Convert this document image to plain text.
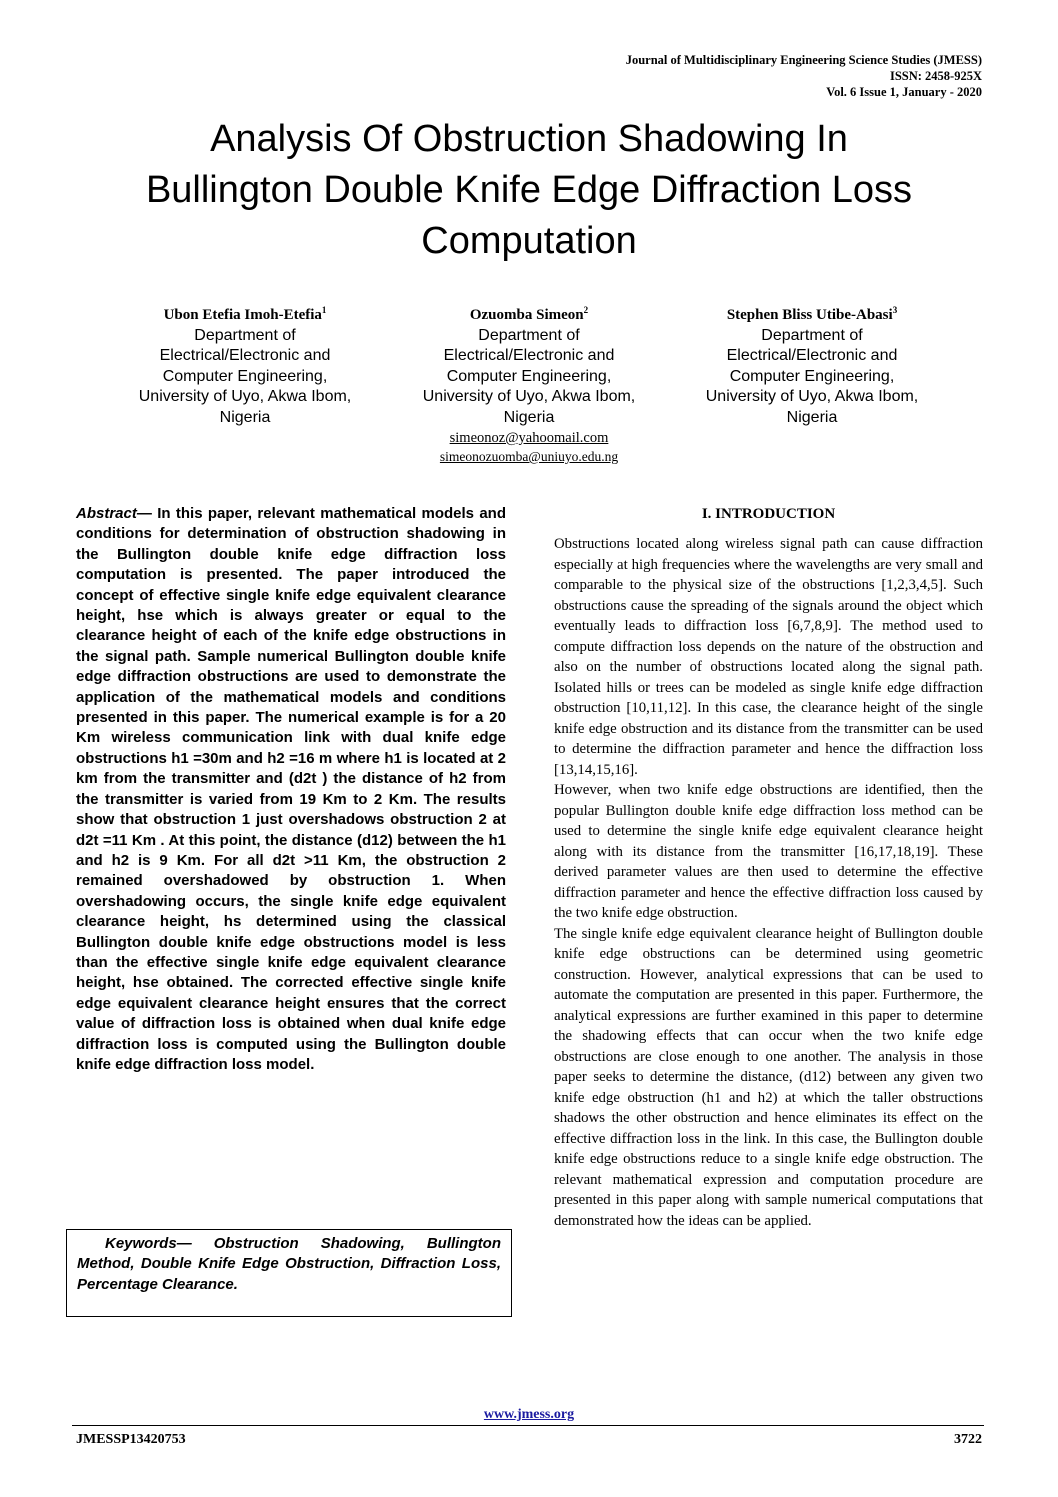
Journal of Multidisciplinary Engineering Science Studies (JMESS)
ISSN: 2458-925X
Vol. 6 Issue 1, January - 2020
Analysis Of Obstruction Shadowing In
Bullington Double Knife Edge Diffraction Loss
Computation
Ubon Etefia Imoh-Etefia$^1$
Department of
Electrical/Electronic and
Computer Engineering,
University of Uyo, Akwa Ibom,
Nigeria
Ozuomba Simeon$^2$
Department of
Electrical/Electronic and
Computer Engineering,
University of Uyo, Akwa Ibom,
Nigeria
simeonoz@yahoomail.com
simeonozuomba@uniuyo.edu.ng
Stephen Bliss Utibe-Abasi$^3$
Department of
Electrical/Electronic and
Computer Engineering,
University of Uyo, Akwa Ibom,
Nigeria
Abstract— In this paper, relevant mathematical models and conditions for determination of obstruction shadowing in the Bullington double knife edge diffraction loss computation is presented. The paper introduced the concept of effective single knife edge equivalent clearance height, hse which is always greater or equal to the clearance height of each of the knife edge obstructions in the signal path. Sample numerical Bullington double knife edge diffraction obstructions are used to demonstrate the application of the mathematical models and conditions presented in this paper. The numerical example is for a 20 Km wireless communication link with dual knife edge obstructions h1 =30m and h2 =16 m where h1 is located at 2 km from the transmitter and (d2t ) the distance of h2 from the transmitter is varied from 19 Km to 2 Km. The results show that obstruction 1 just overshadows obstruction 2 at d2t =11 Km . At this point, the distance (d12) between the h1 and h2 is 9 Km. For all d2t >11 Km, the obstruction 2 remained overshadowed by obstruction 1. When overshadowing occurs, the single knife edge equivalent clearance height, hs determined using the classical Bullington double knife edge obstructions model is less than the effective single knife edge equivalent clearance height, hse obtained. The corrected effective single knife edge equivalent clearance height ensures that the correct value of diffraction loss is obtained when dual knife edge diffraction loss is computed using the Bullington double knife edge diffraction loss model.
Keywords— Obstruction Shadowing, Bullington Method, Double Knife Edge Obstruction, Diffraction Loss, Percentage Clearance.
I. INTRODUCTION

Obstructions located along wireless signal path can cause diffraction especially at high frequencies where the wavelengths are very small and comparable to the physical size of the obstructions [1,2,3,4,5]. Such obstructions cause the spreading of the signals around the object which eventually leads to diffraction loss [6,7,8,9]. The method used to compute diffraction loss depends on the nature of the obstruction and also on the number of obstructions located along the signal path. Isolated hills or trees can be modeled as single knife edge diffraction obstruction [10,11,12]. In this case, the clearance height of the single knife edge obstruction and its distance from the transmitter can be used to determine the diffraction parameter and hence the diffraction loss [13,14,15,16].

However, when two knife edge obstructions are identified, then the popular Bullington double knife edge diffraction loss method can be used to determine the single knife edge equivalent clearance height along with its distance from the transmitter [16,17,18,19]. These derived parameter values are then used to determine the effective diffraction parameter and hence the effective diffraction loss caused by the two knife edge obstruction.

The single knife edge equivalent clearance height of Bullington double knife edge obstructions can be determined using geometric construction. However, analytical expressions that can be used to automate the computation are presented in this paper. Furthermore, the analytical expressions are further examined in this paper to determine the shadowing effects that can occur when the two knife edge obstructions are close enough to one another. The analysis in those paper seeks to determine the distance, (d12) between any given two knife edge obstruction (h1 and h2) at which the taller obstructions shadows the other obstruction and hence eliminates its effect on the effective diffraction loss in the link. In this case, the Bullington double knife edge obstructions reduce to a single knife edge obstruction. The relevant mathematical expression and computation procedure are presented in this paper along with sample numerical computations that demonstrated how the ideas can be applied.

www.jmess.org
JMESSP13420753	3722
